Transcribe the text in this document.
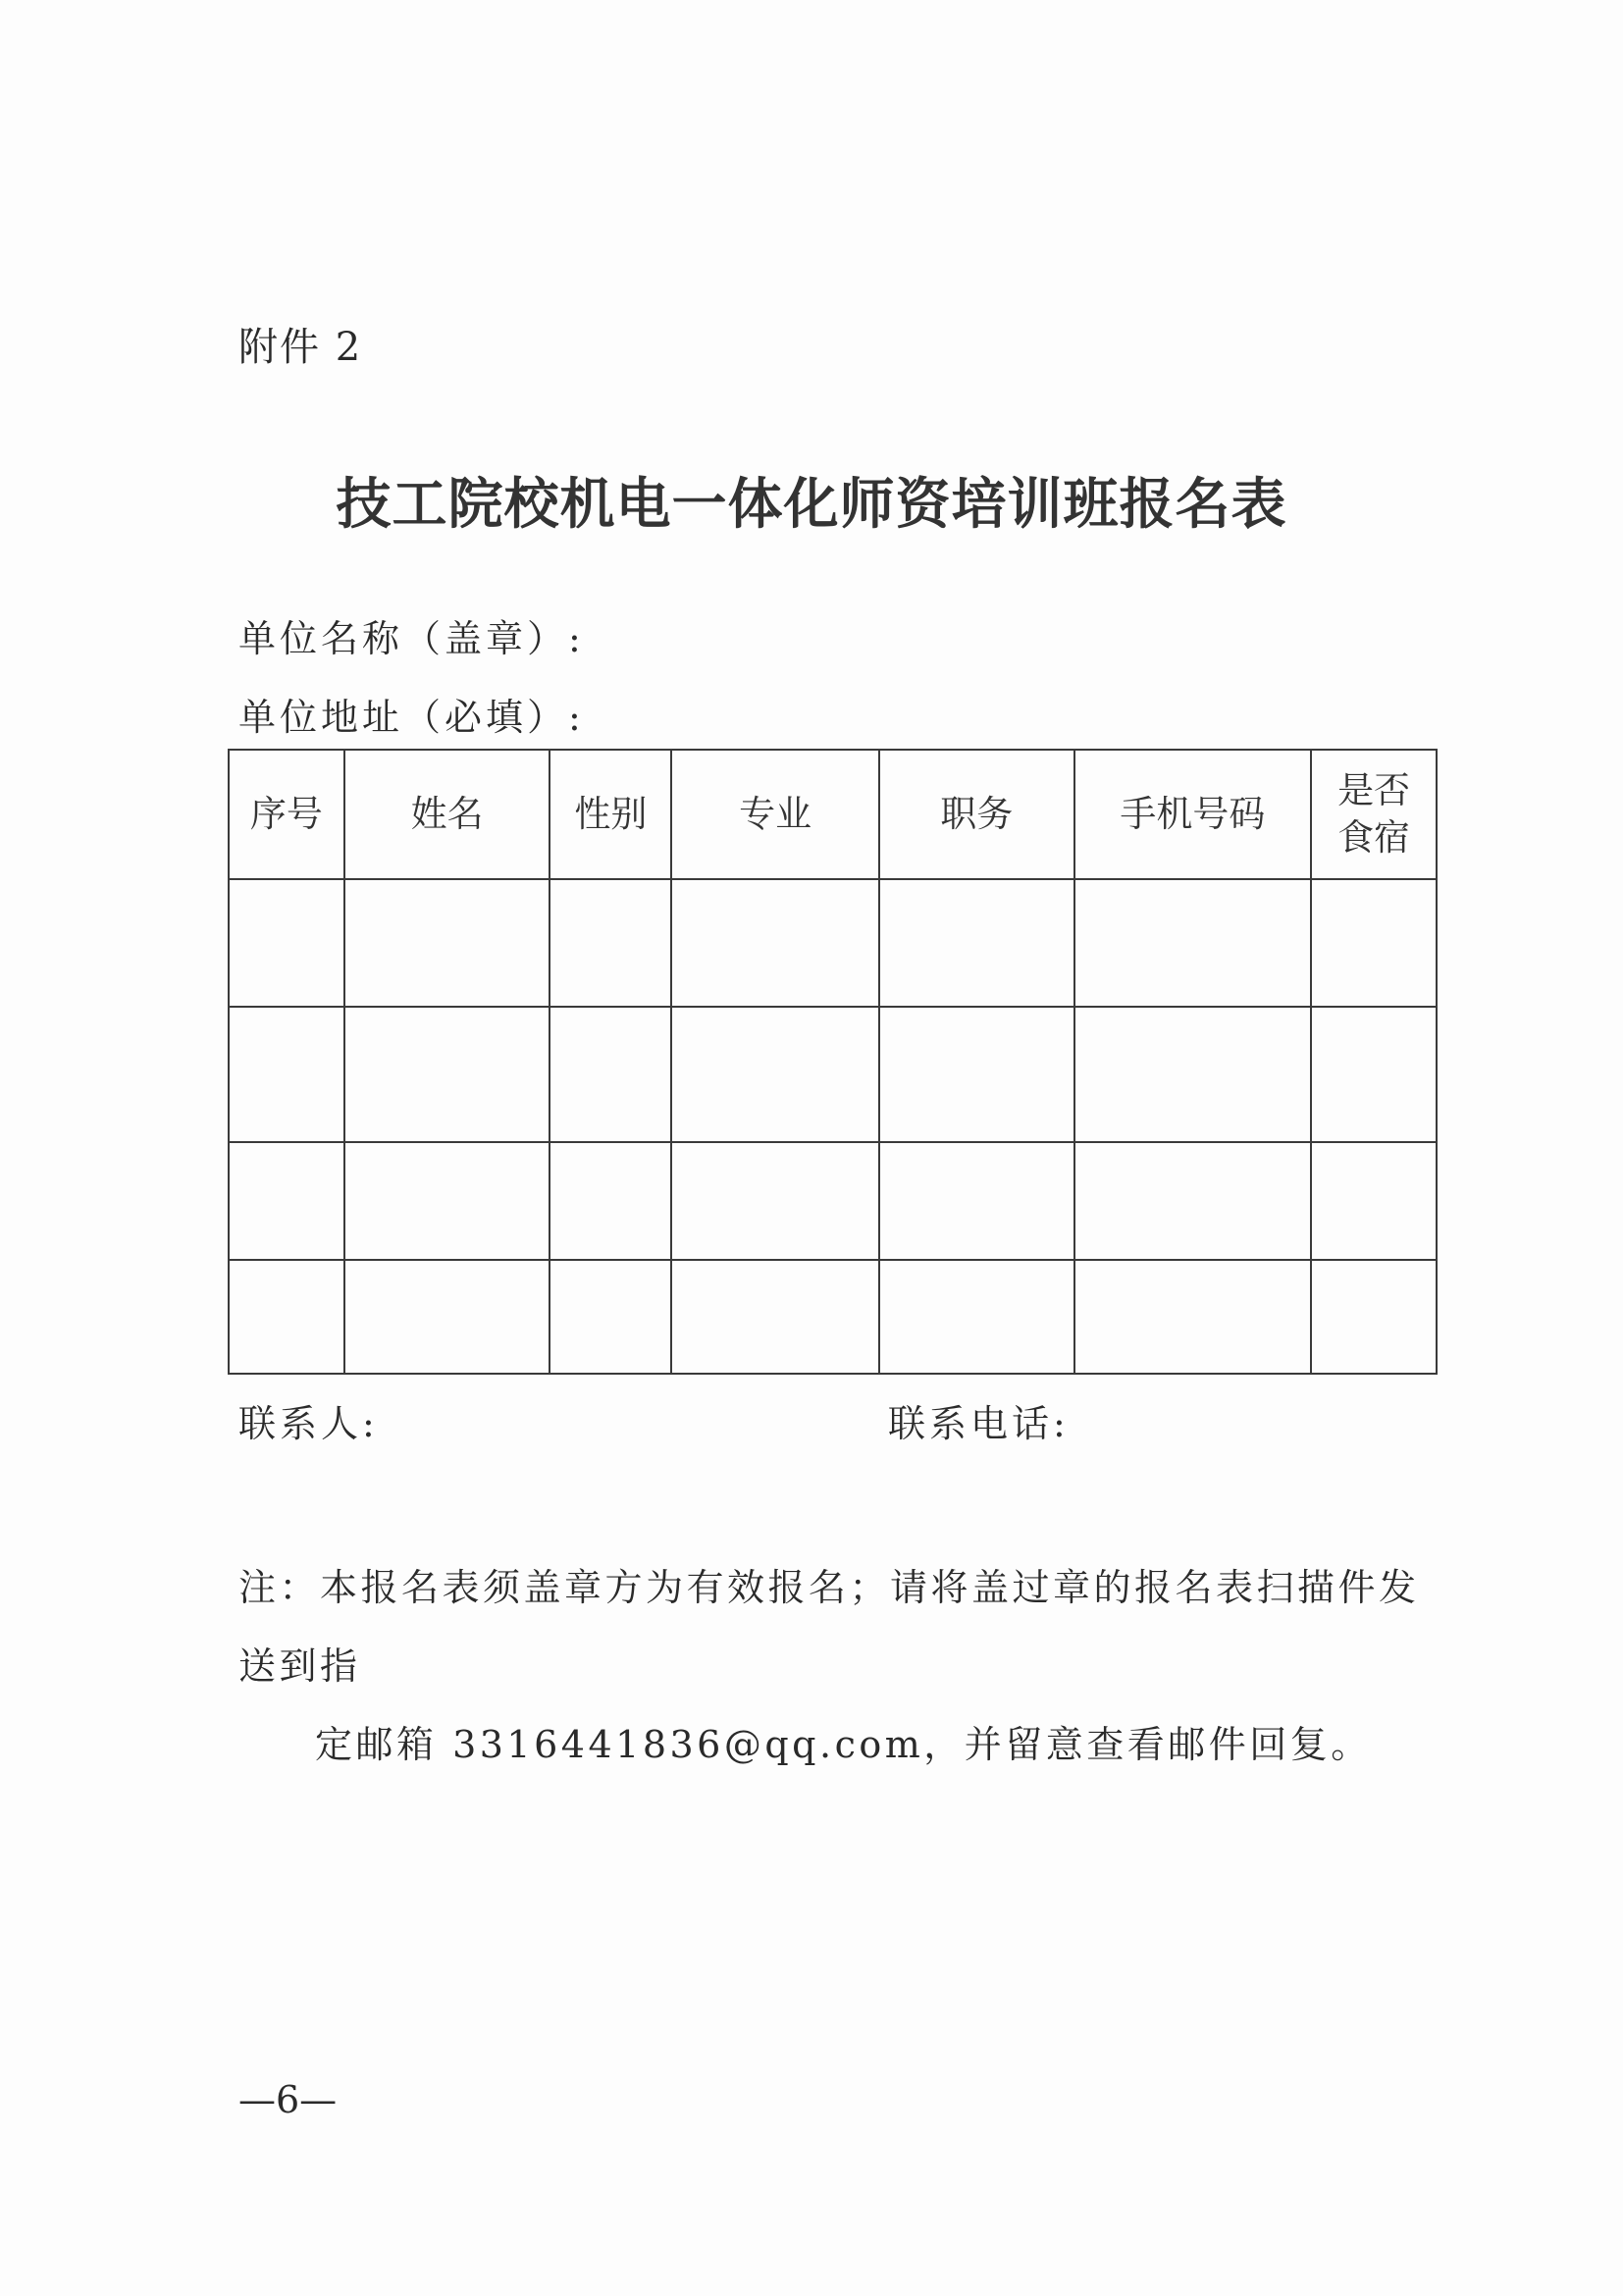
附件 2
技工院校机电一体化师资培训班报名表
单位名称（盖章）:
单位地址（必填）:
序号	姓名	性别	专业	职务	手机号码	是否
食宿

联系人:	联系电话:
注：本报名表须盖章方为有效报名；请将盖过章的报名表扫描件发送到指
定邮箱 3316441836@qq.com，并留意查看邮件回复。
—6—
